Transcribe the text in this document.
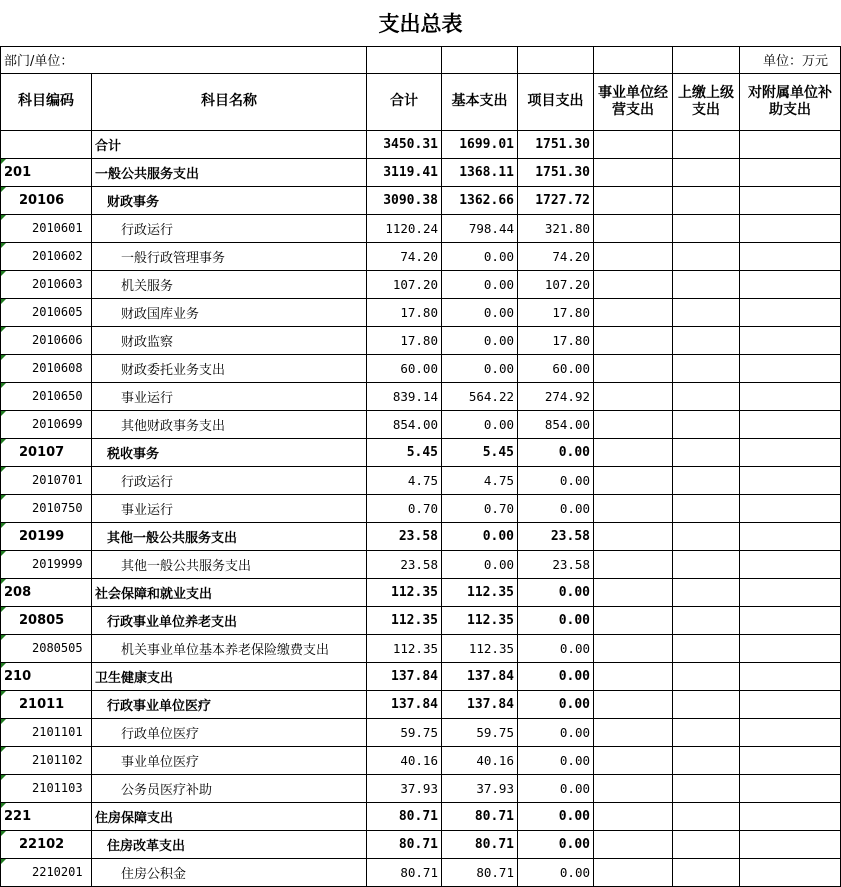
支出总表							
部门/单位：							单位：万元
科目编码	科目名称	合计	基本支出	项目支出	事业单位经营支出	上缴上级支出	对附属单位补助支出
	合计	3450.31	1699.01	1751.30			
201	一般公共服务支出	3119.41	1368.11	1751.30			
20106	财政事务	3090.38	1362.66	1727.72			
2010601	行政运行	1120.24	798.44	321.80			
2010602	一般行政管理事务	74.20	0.00	74.20			
2010603	机关服务	107.20	0.00	107.20			
2010605	财政国库业务	17.80	0.00	17.80			
2010606	财政监察	17.80	0.00	17.80			
2010608	财政委托业务支出	60.00	0.00	60.00			
2010650	事业运行	839.14	564.22	274.92			
2010699	其他财政事务支出	854.00	0.00	854.00			
20107	税收事务	5.45	5.45	0.00			
2010701	行政运行	4.75	4.75	0.00			
2010750	事业运行	0.70	0.70	0.00			
20199	其他一般公共服务支出	23.58	0.00	23.58			
2019999	其他一般公共服务支出	23.58	0.00	23.58			
208	社会保障和就业支出	112.35	112.35	0.00			
20805	行政事业单位养老支出	112.35	112.35	0.00			
2080505	机关事业单位基本养老保险缴费支出	112.35	112.35	0.00			
210	卫生健康支出	137.84	137.84	0.00			
21011	行政事业单位医疗	137.84	137.84	0.00			
2101101	行政单位医疗	59.75	59.75	0.00			
2101102	事业单位医疗	40.16	40.16	0.00			
2101103	公务员医疗补助	37.93	37.93	0.00			
221	住房保障支出	80.71	80.71	0.00			
22102	住房改革支出	80.71	80.71	0.00			
2210201	住房公积金	80.71	80.71	0.00			
